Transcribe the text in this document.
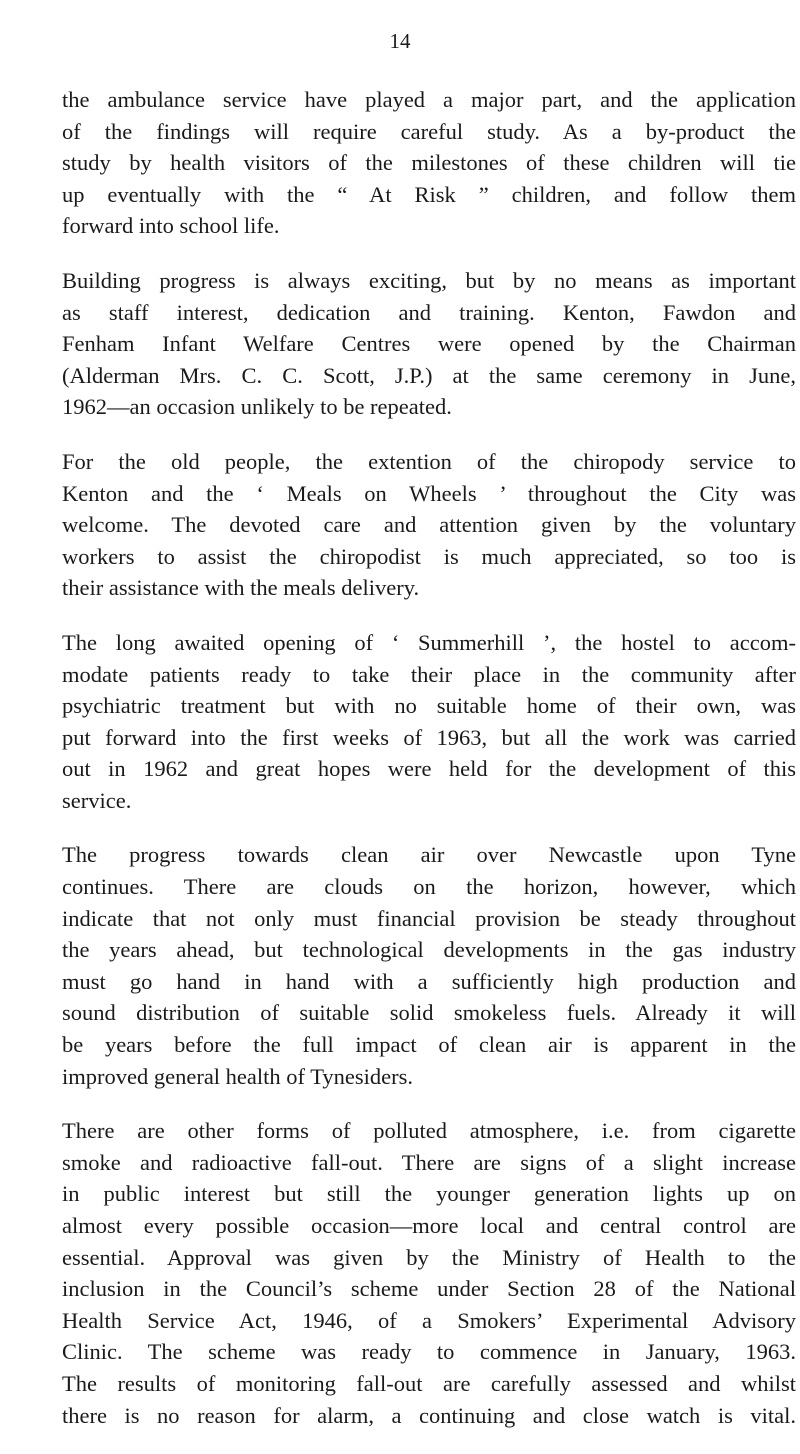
14

the ambulance service have played a major part, and the application
of the findings will require careful study. As a by-product the
study by health visitors of the milestones of these children will tie
up eventually with the “ At Risk ” children, and follow them
forward into school life.

Building progress is always exciting, but by no means as important
as staff interest, dedication and training. Kenton, Fawdon and
Fenham Infant Welfare Centres were opened by the Chairman
(Alderman Mrs. C. C. Scott, J.P.) at the same ceremony in June,
1962—an occasion unlikely to be repeated.

For the old people, the extention of the chiropody service to
Kenton and the ‘ Meals on Wheels ’ throughout the City was
welcome. The devoted care and attention given by the voluntary
workers to assist the chiropodist is much appreciated, so too is
their assistance with the meals delivery.

The long awaited opening of ‘ Summerhill ’, the hostel to accom-
modate patients ready to take their place in the community after
psychiatric treatment but with no suitable home of their own, was
put forward into the first weeks of 1963, but all the work was carried
out in 1962 and great hopes were held for the development of this
service.

The progress towards clean air over Newcastle upon Tyne
continues. There are clouds on the horizon, however, which
indicate that not only must financial provision be steady throughout
the years ahead, but technological developments in the gas industry
must go hand in hand with a sufficiently high production and
sound distribution of suitable solid smokeless fuels. Already it will
be years before the full impact of clean air is apparent in the
improved general health of Tynesiders.

There are other forms of polluted atmosphere, i.e. from cigarette
smoke and radioactive fall-out. There are signs of a slight increase
in public interest but still the younger generation lights up on
almost every possible occasion—more local and central control are
essential. Approval was given by the Ministry of Health to the
inclusion in the Council’s scheme under Section 28 of the National
Health Service Act, 1946, of a Smokers’ Experimental Advisory
Clinic. The scheme was ready to commence in January, 1963.
The results of monitoring fall-out are carefully assessed and whilst
there is no reason for alarm, a continuing and close watch is vital.
